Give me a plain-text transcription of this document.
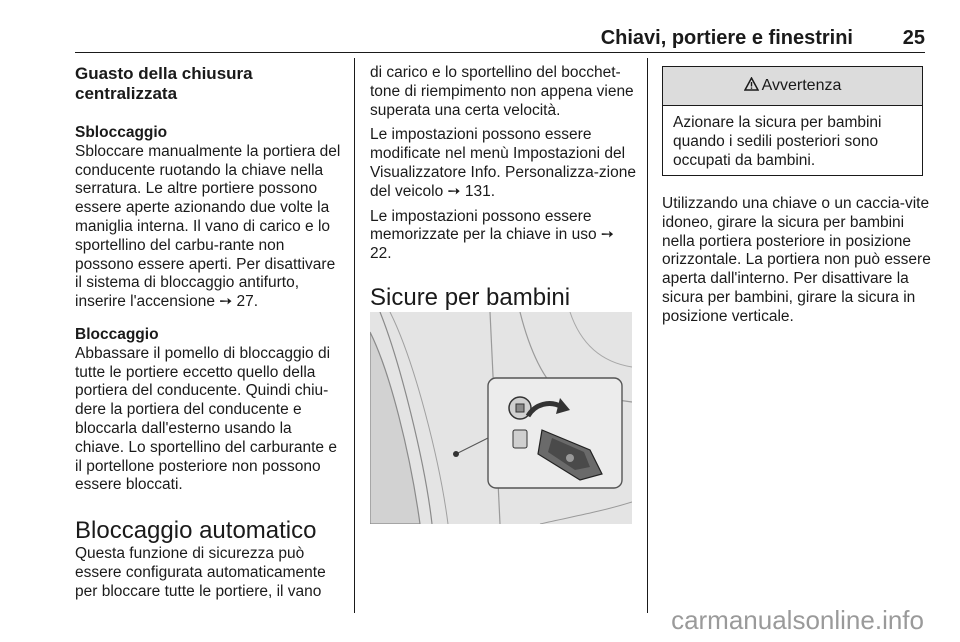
Chiavi, portiere e finestrini 25

Guasto della chiusura centralizzata

Sbloccaggio

Sbloccare manualmente la portiera del conducente ruotando la chiave nella serratura. Le altre portiere possono essere aperte azionando due volte la maniglia interna. Il vano di carico e lo sportellino del carbu-rante non possono essere aperti. Per disattivare il sistema di bloccaggio antifurto, inserire l'accensione ➙ 27.

Bloccaggio

Abbassare il pomello di bloccaggio di tutte le portiere eccetto quello della portiera del conducente. Quindi chiu-dere la portiera del conducente e bloccarla dall'esterno usando la chiave. Lo sportellino del carburante e il portellone posteriore non possono essere bloccati.

Bloccaggio automatico

Questa funzione di sicurezza può essere configurata automaticamente per bloccare tutte le portiere, il vano

di carico e lo sportellino del bocchet-tone di riempimento non appena viene superata una certa velocità.

Le impostazioni possono essere modificate nel menù Impostazioni del Visualizzatore Info. Personalizza-zione del veicolo ➙ 131.

Le impostazioni possono essere memorizzate per la chiave in uso ➙ 22.

Sicure per bambini

Avvertenza
Azionare la sicura per bambini quando i sedili posteriori sono occupati da bambini.

Utilizzando una chiave o un caccia-vite idoneo, girare la sicura per bambini nella portiera posteriore in posizione orizzontale. La portiera non può essere aperta dall'interno. Per disattivare la sicura per bambini, girare la sicura in posizione verticale.

carmanualsonline.info
